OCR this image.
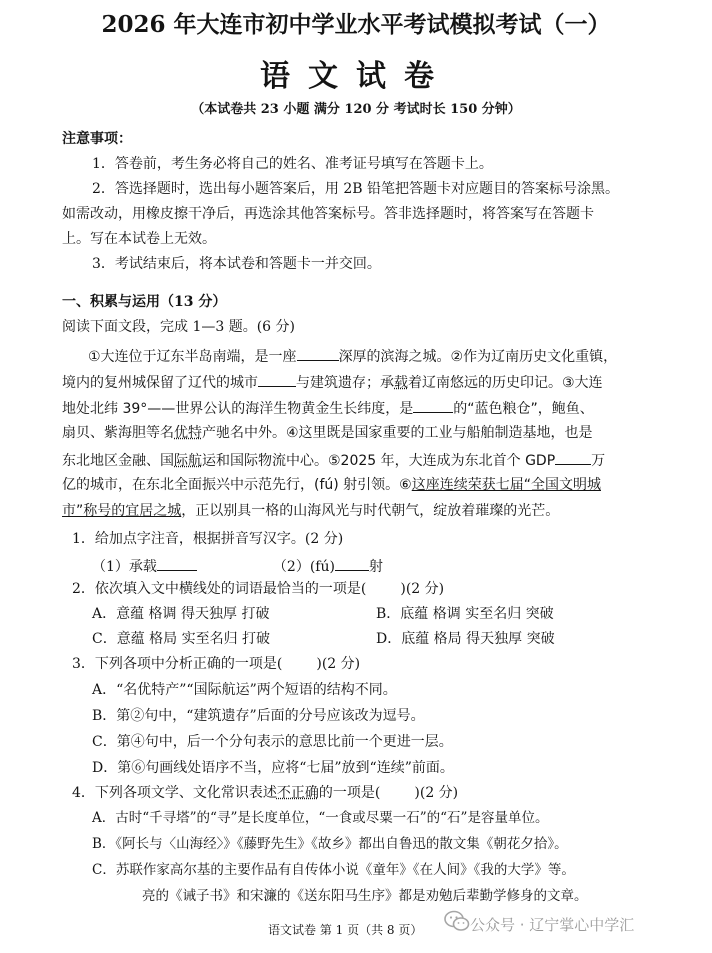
2026 年大连市初中学业水平考试模拟考试（一）
语文试卷
（本试卷共 23 小题 满分 120 分 考试时长 150 分钟）
注意事项：
1．答卷前，考生务必将自己的姓名、准考证号填写在答题卡上。
2．答选择题时，选出每小题答案后，用 2B 铅笔把答题卡对应题目的答案标号涂黑。
如需改动，用橡皮擦干净后，再选涂其他答案标号。答非选择题时，将答案写在答题卡
上。写在本试卷上无效。
3．考试结束后，将本试卷和答题卡一并交回。
一、积累与运用（13 分）
阅读下面文段，完成 1—3 题。(6 分)
①大连位于辽东半岛南端，是一座	深厚的滨海之城。②作为辽南历史文化重镇，
境内的复州城保留了辽代的城市	与建筑遗存；承载着辽南悠远的历史印记。③大连
地处北纬 39°——世界公认的海洋生物黄金生长纬度，是	的“蓝色粮仓”，鲍鱼、
扇贝、紫海胆等名优特产驰名中外。④这里既是国家重要的工业与船舶制造基地，也是
东北地区金融、国际航运和国际物流中心。⑤2025 年，大连成为东北首个 GDP	万
亿的城市，在东北全面振兴中示范先行，(fú) 射引领。⑥这座连续荣获七届“全国文明城
市”称号的宜居之城，正以别具一格的山海风光与时代朝气，绽放着璀璨的光芒。
1．给加点字注音，根据拼音写汉字。(2 分)
（1）承载	（2）(fú) 射
2．依次填入文中横线处的词语最恰当的一项是( )(2 分)
A．意蕴 格调 得天独厚 打破	B．底蕴 格调 实至名归 突破
C．意蕴 格局 实至名归 打破	D．底蕴 格局 得天独厚 突破
3．下列各项中分析正确的一项是( )(2 分)
A．“名优特产”“国际航运”两个短语的结构不同。
B．第②句中，“建筑遗存”后面的分号应该改为逗号。
C．第④句中，后一个分句表示的意思比前一个更进一层。
D．第⑥句画线处语序不当，应将“七届”放到“连续”前面。
4．下列各项文学、文化常识表述不正确的一项是( )(2 分)
A．古时“千寻塔”的“寻”是长度单位，“一食或尽粟一石”的“石”是容量单位。
B．《阿长与〈山海经〉》《藤野先生》《故乡》都出自鲁迅的散文集《朝花夕拾》。
C．苏联作家高尔基的主要作品有自传体小说《童年》《在人间》《我的大学》等。
亮的《诫子书》和宋濂的《送东阳马生序》都是劝勉后辈勤学修身的文章。
语文试卷 第 1 页（共 8 页）	公众号 · 辽宁掌心中学汇
